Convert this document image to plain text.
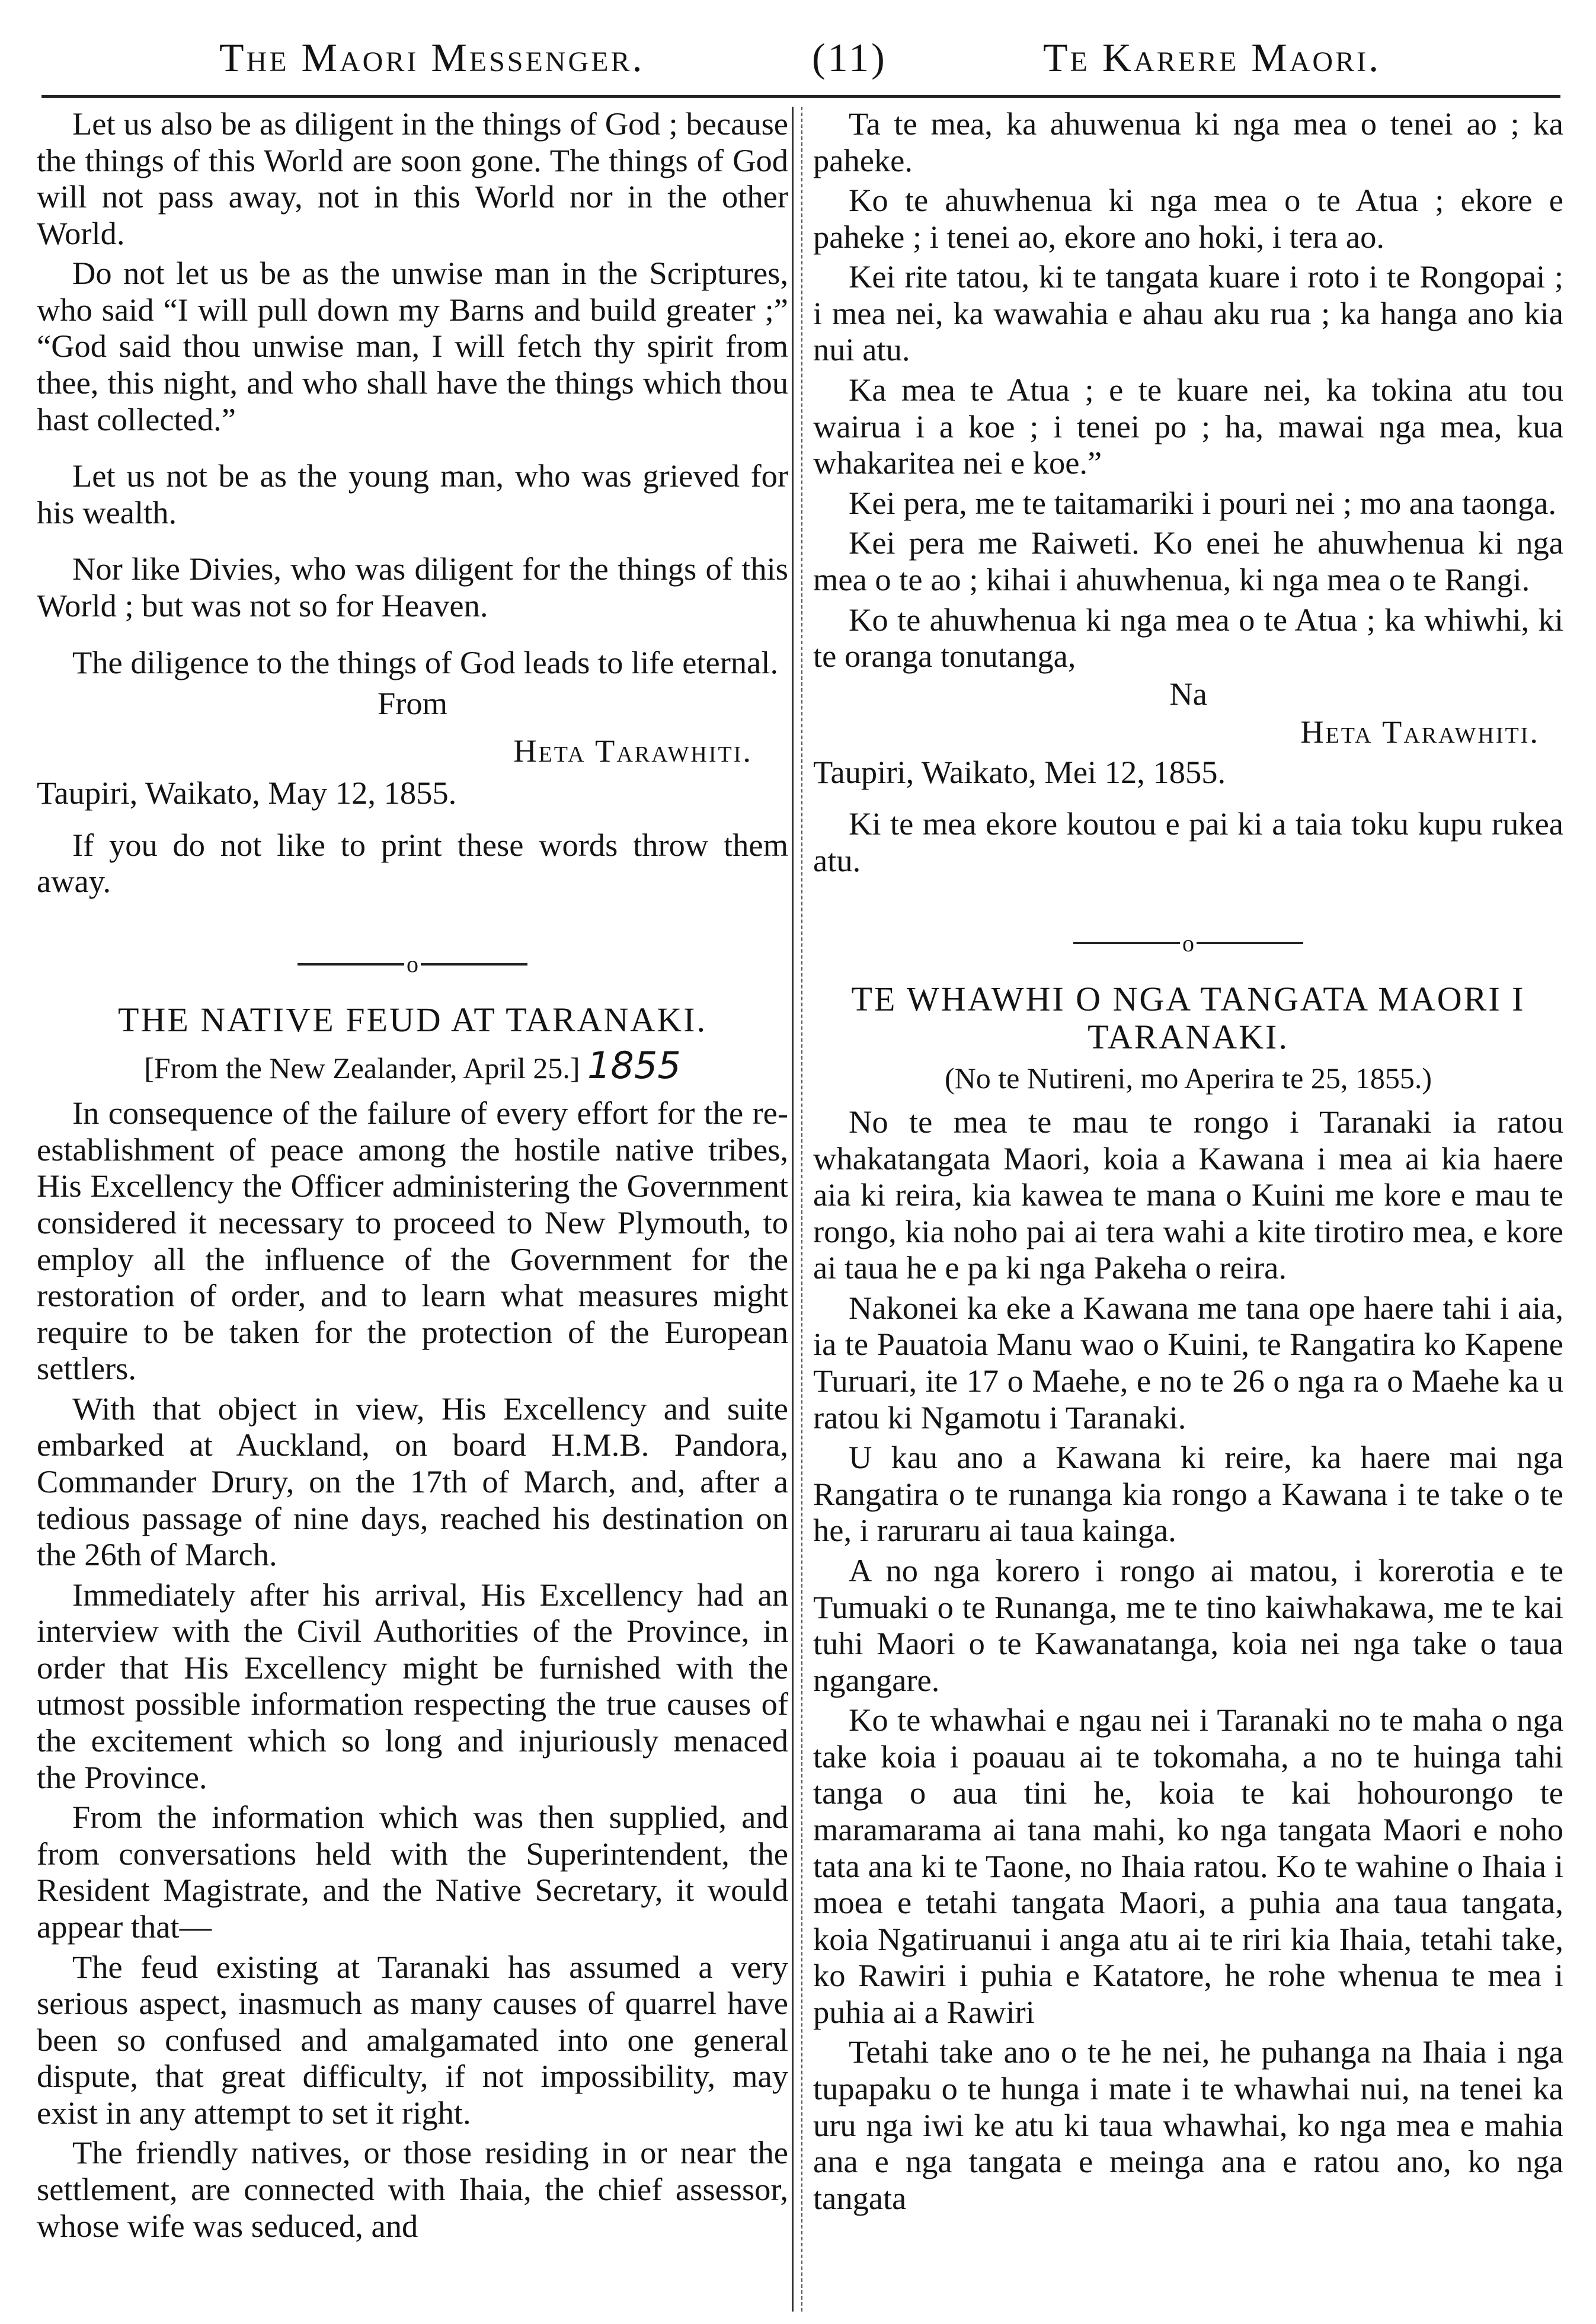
The Maori Messenger.	(11)	Te Karere Maori.

Let us also be as diligent in the things of God ; because the things of this World are soon gone. The things of God will not pass away, not in this World nor in the other World.

Do not let us be as the unwise man in the Scriptures, who said “I will pull down my Barns and build greater ;” “God said thou unwise man, I will fetch thy spirit from thee, this night, and who shall have the things which thou hast collected.”

Let us not be as the young man, who was grieved for his wealth.

Nor like Divies, who was diligent for the things of this World ; but was not so for Heaven.

The diligence to the things of God leads to life eternal.

From
Heta Tarawhiti.

Taupiri, Waikato, May 12, 1855.

If you do not like to print these words throw them away.

o
THE NATIVE FEUD AT TARANAKI.
[From the New Zealander, April 25.] 1855

In consequence of the failure of every effort for the re-establishment of peace among the hostile native tribes, His Excellency the Officer administering the Government considered it necessary to proceed to New Plymouth, to employ all the influence of the Government for the restoration of order, and to learn what measures might require to be taken for the protection of the European settlers.

With that object in view, His Excellency and suite embarked at Auckland, on board H.M.B. Pandora, Commander Drury, on the 17th of March, and, after a tedious passage of nine days, reached his destination on the 26th of March.

Immediately after his arrival, His Excellency had an interview with the Civil Authorities of the Province, in order that His Excellency might be furnished with the utmost possible information respecting the true causes of the excitement which so long and injuriously menaced the Province.

From the information which was then supplied, and from conversations held with the Superintendent, the Resident Magistrate, and the Native Secretary, it would appear that—

The feud existing at Taranaki has assumed a very serious aspect, inasmuch as many causes of quarrel have been so confused and amalgamated into one general dispute, that great difficulty, if not impossibility, may exist in any attempt to set it right.

The friendly natives, or those residing in or near the settlement, are connected with Ihaia, the chief assessor, whose wife was seduced, and

Ta te mea, ka ahuwenua ki nga mea o tenei ao ; ka paheke.

Ko te ahuwhenua ki nga mea o te Atua ; ekore e paheke ; i tenei ao, ekore ano hoki, i tera ao.

Kei rite tatou, ki te tangata kuare i roto i te Rongopai ; i mea nei, ka wawahia e ahau aku rua ; ka hanga ano kia nui atu.

Ka mea te Atua ; e te kuare nei, ka tokina atu tou wairua i a koe ; i tenei po ; ha, mawai nga mea, kua whakaritea nei e koe.”

Kei pera, me te taitamariki i pouri nei ; mo ana taonga.

Kei pera me Raiweti. Ko enei he ahuwhenua ki nga mea o te ao ; kihai i ahuwhenua, ki nga mea o te Rangi.

Ko te ahuwhenua ki nga mea o te Atua ; ka whiwhi, ki te oranga tonutanga,

Na
Heta Tarawhiti.

Taupiri, Waikato, Mei 12, 1855.

Ki te mea ekore koutou e pai ki a taia toku kupu rukea atu.

o
TE WHAWHI O NGA TANGATA MAORI I TARANAKI.
(No te Nutireni, mo Aperira te 25, 1855.)

No te mea te mau te rongo i Taranaki ia ratou whakatangata Maori, koia a Kawana i mea ai kia haere aia ki reira, kia kawea te mana o Kuini me kore e mau te rongo, kia noho pai ai tera wahi a kite tirotiro mea, e kore ai taua he e pa ki nga Pakeha o reira.

Nakonei ka eke a Kawana me tana ope haere tahi i aia, ia te Pauatoia Manu wao o Kuini, te Rangatira ko Kapene Turuari, ite 17 o Maehe, e no te 26 o nga ra o Maehe ka u ratou ki Ngamotu i Taranaki.

U kau ano a Kawana ki reire, ka haere mai nga Rangatira o te runanga kia rongo a Kawana i te take o te he, i raruraru ai taua kainga.

A no nga korero i rongo ai matou, i korerotia e te Tumuaki o te Runanga, me te tino kaiwhakawa, me te kai tuhi Maori o te Kawanatanga, koia nei nga take o taua ngangare.

Ko te whawhai e ngau nei i Taranaki no te maha o nga take koia i poauau ai te tokomaha, a no te huinga tahi tanga o aua tini he, koia te kai hohourongo te maramarama ai tana mahi, ko nga tangata Maori e noho tata ana ki te Taone, no Ihaia ratou. Ko te wahine o Ihaia i moea e tetahi tangata Maori, a puhia ana taua tangata, koia Ngatiruanui i anga atu ai te riri kia Ihaia, tetahi take, ko Rawiri i puhia e Katatore, he rohe whenua te mea i puhia ai a Rawiri

Tetahi take ano o te he nei, he puhanga na Ihaia i nga tupapaku o te hunga i mate i te whawhai nui, na tenei ka uru nga iwi ke atu ki taua whawhai, ko nga mea e mahia ana e nga tangata e meinga ana e ratou ano, ko nga tangata
